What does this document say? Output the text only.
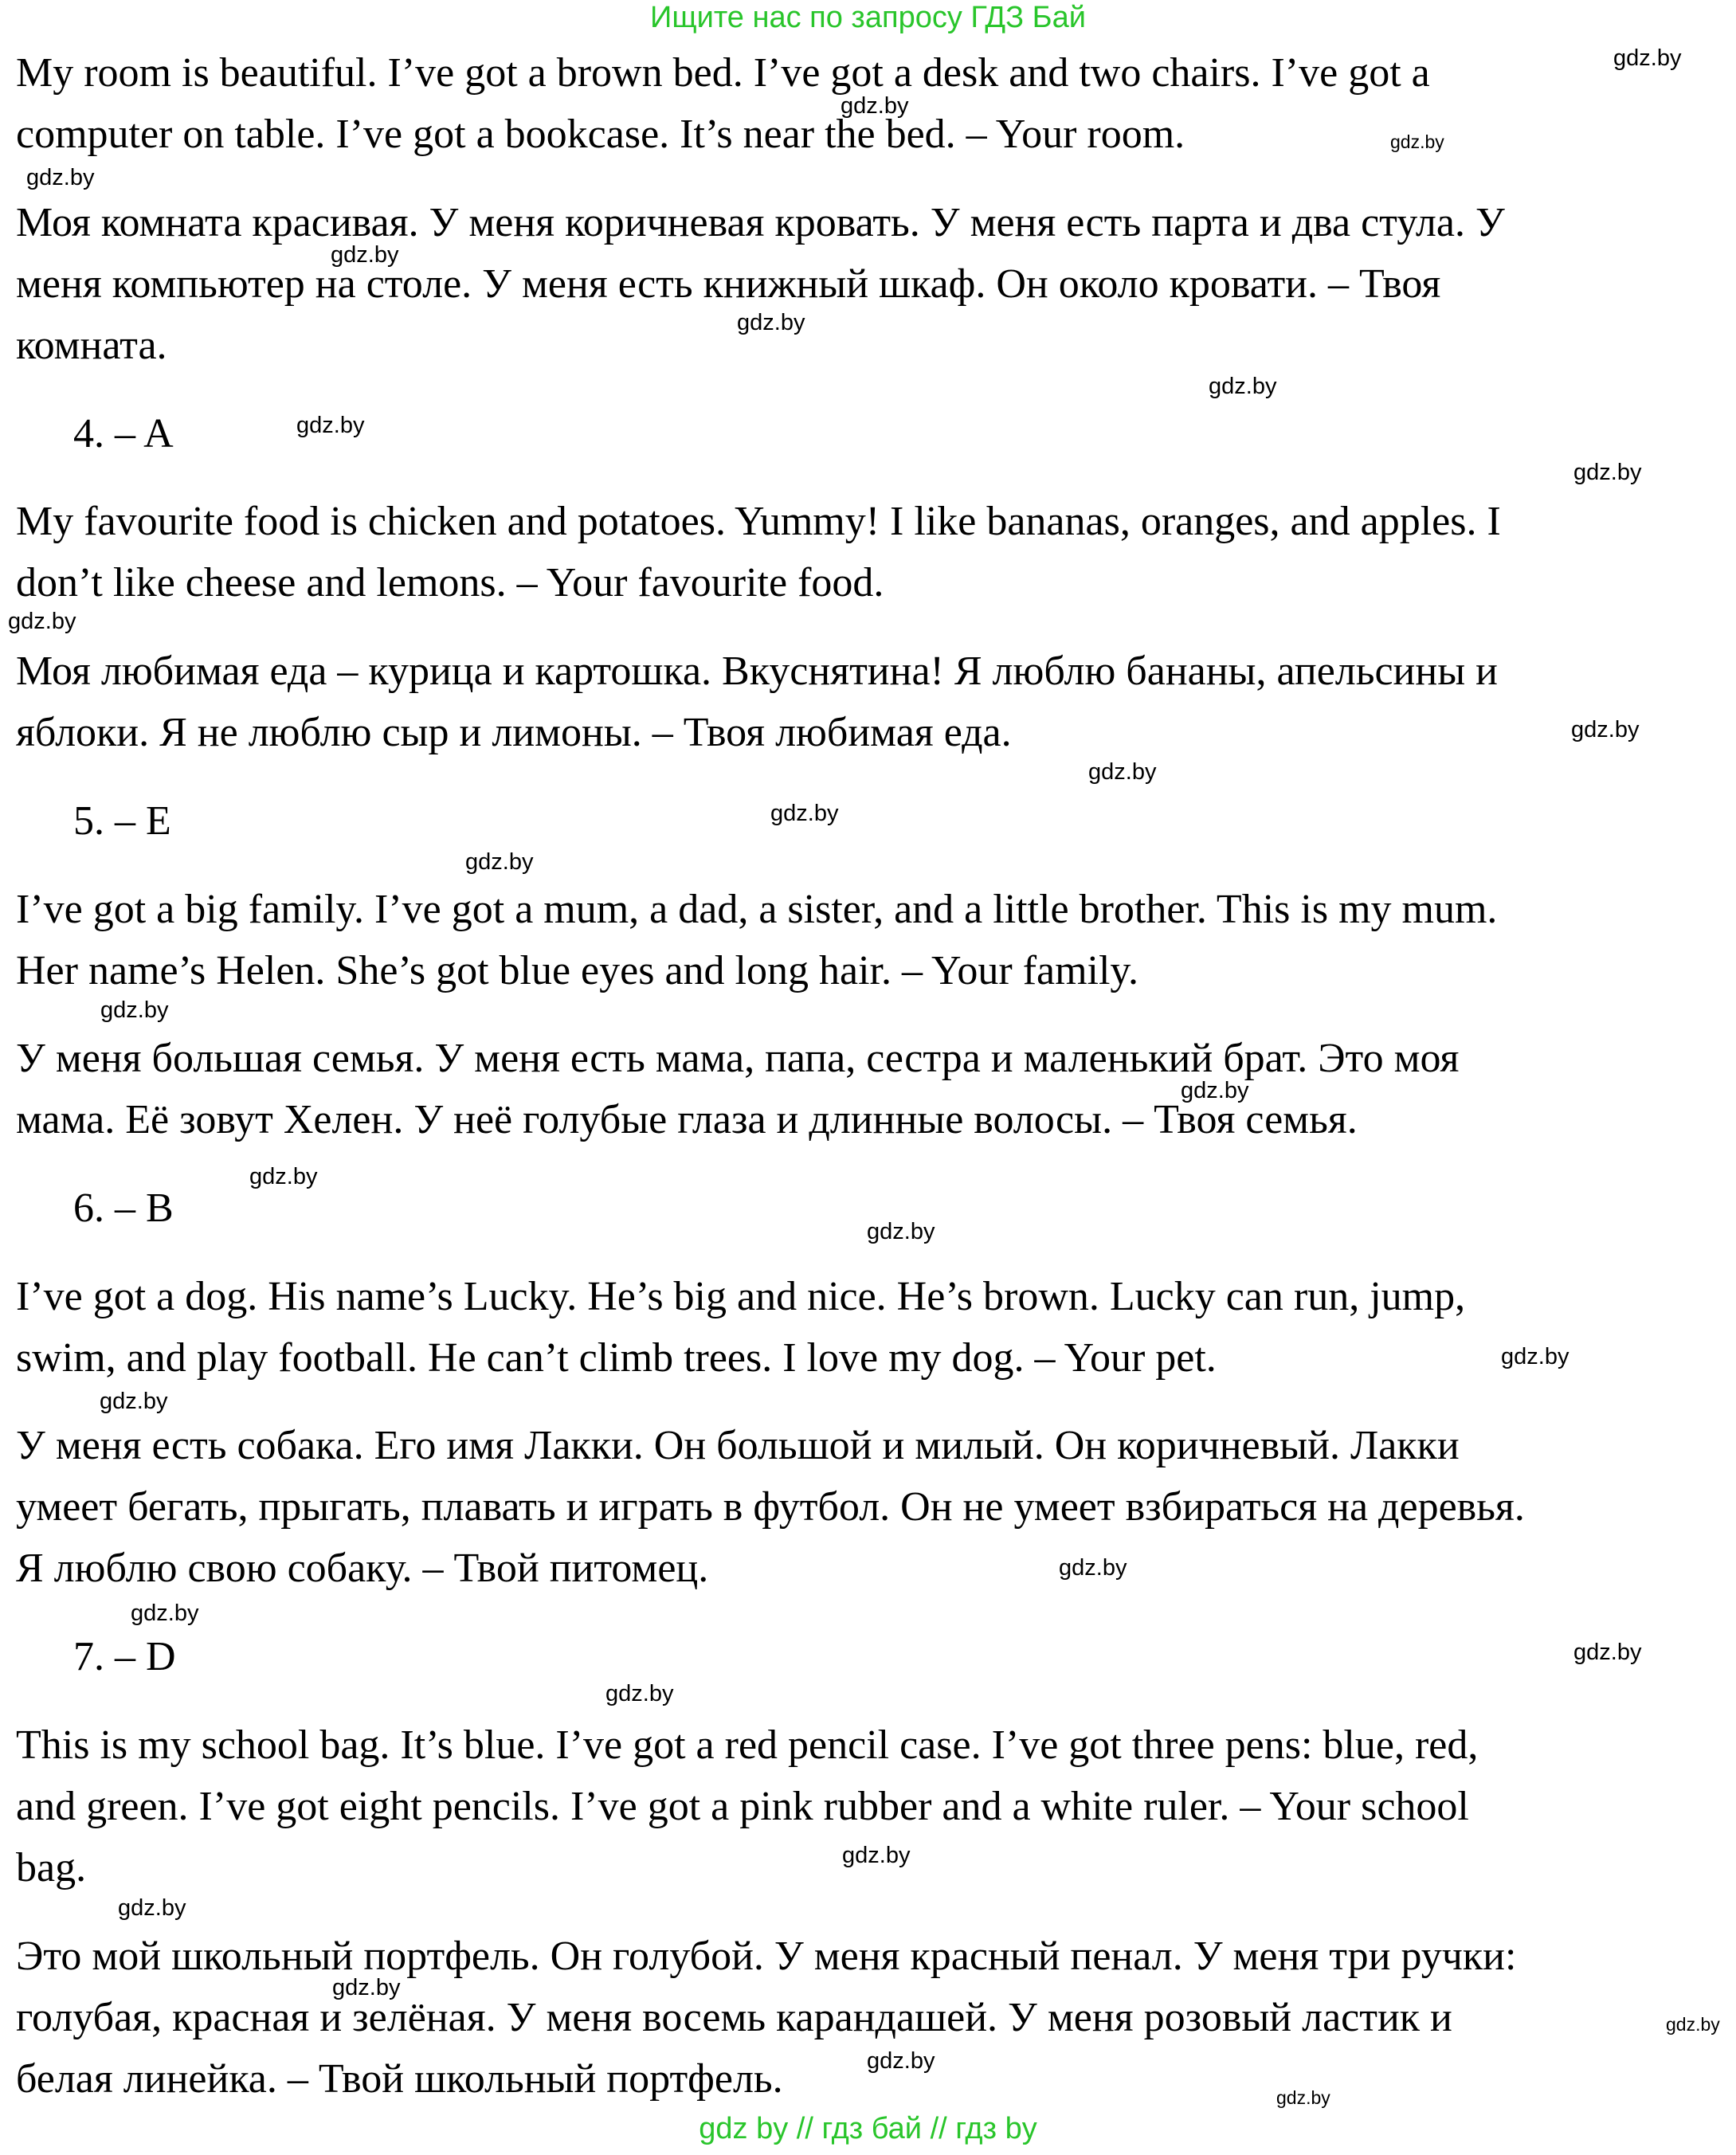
Ищите нас по запросу ГДЗ Бай
My room is beautiful. I’ve got a brown bed. I’ve got a desk and two chairs. I’ve got a
computer on table. I’ve got a bookcase. It’s near the bed. – Your room.
Моя комната красивая. У меня коричневая кровать. У меня есть парта и два стула. У
меня компьютер на столе. У меня есть книжный шкаф. Он около кровати. – Твоя
комната.
4. – A
My favourite food is chicken and potatoes. Yummy! I like bananas, oranges, and apples. I
don’t like cheese and lemons. – Your favourite food.
Моя любимая еда – курица и картошка. Вкуснятина! Я люблю бананы, апельсины и
яблоки. Я не люблю сыр и лимоны. – Твоя любимая еда.
5. – E
I’ve got a big family. I’ve got a mum, a dad, a sister, and a little brother. This is my mum.
Her name’s Helen. She’s got blue eyes and long hair. – Your family.
У меня большая семья. У меня есть мама, папа, сестра и маленький брат. Это моя
мама. Её зовут Хелен. У неё голубые глаза и длинные волосы. – Твоя семья.
6. – B
I’ve got a dog. His name’s Lucky. He’s big and nice. He’s brown. Lucky can run, jump,
swim, and play football. He can’t climb trees. I love my dog. – Your pet.
У меня есть собака. Его имя Лакки. Он большой и милый. Он коричневый. Лакки
умеет бегать, прыгать, плавать и играть в футбол. Он не умеет взбираться на деревья.
Я люблю свою собаку. – Твой питомец.
7. – D
This is my school bag. It’s blue. I’ve got a red pencil case. I’ve got three pens: blue, red,
and green. I’ve got eight pencils. I’ve got a pink rubber and a white ruler. – Your school
bag.
Это мой школьный портфель. Он голубой. У меня красный пенал. У меня три ручки:
голубая, красная и зелёная. У меня восемь карандашей. У меня розовый ластик и
белая линейка. – Твой школьный портфель.
gdz.by
gdz.by
gdz.by
gdz.by
gdz.by
gdz.by
gdz.by
gdz.by
gdz.by
gdz.by
gdz.by
gdz.by
gdz.by
gdz.by
gdz.by
gdz.by
gdz.by
gdz.by
gdz.by
gdz.by
gdz.by
gdz.by
gdz.by
gdz.by
gdz.by
gdz.by
gdz.by
gdz.by
gdz.by
gdz.by
gdz by // гдз бай // гдз by
